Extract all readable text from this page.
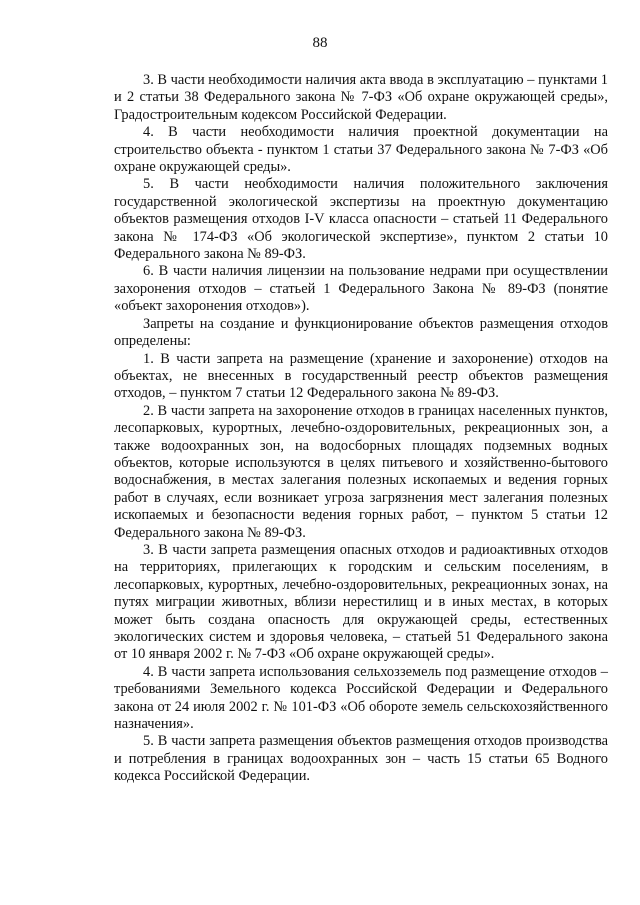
88

3. В части необходимости наличия акта ввода в эксплуатацию – пунктами 1 и 2 статьи 38 Федерального закона № 7-ФЗ «Об охране окружающей среды», Градостроительным кодексом Российской Федерации.

4. В части необходимости наличия проектной документации на строительство объекта - пунктом 1 статьи 37 Федерального закона № 7-ФЗ «Об охране окружающей среды».

5. В части необходимости наличия положительного заключения государственной экологической экспертизы на проектную документацию объектов размещения отходов I-V класса опасности – статьей 11 Федерального закона № 174-ФЗ «Об экологической экспертизе», пунктом 2 статьи 10 Федерального закона № 89-ФЗ.

6. В части наличия лицензии на пользование недрами при осуществлении захоронения отходов – статьей 1 Федерального Закона № 89-ФЗ (понятие «объект захоронения отходов»).

Запреты на создание и функционирование объектов размещения отходов определены:

1. В части запрета на размещение (хранение и захоронение) отходов на объектах, не внесенных в государственный реестр объектов размещения отходов, – пунктом 7 статьи 12 Федерального закона № 89-ФЗ.

2. В части запрета на захоронение отходов в границах населенных пунктов, лесопарковых, курортных, лечебно-оздоровительных, рекреационных зон, а также водоохранных зон, на водосборных площадях подземных водных объектов, которые используются в целях питьевого и хозяйственно-бытового водоснабжения, в местах залегания полезных ископаемых и ведения горных работ в случаях, если возникает угроза загрязнения мест залегания полезных ископаемых и безопасности ведения горных работ, – пунктом 5 статьи 12 Федерального закона № 89-ФЗ.

3. В части запрета размещения опасных отходов и радиоактивных отходов на территориях, прилегающих к городским и сельским поселениям, в лесопарковых, курортных, лечебно-оздоровительных, рекреационных зонах, на путях миграции животных, вблизи нерестилищ и в иных местах, в которых может быть создана опасность для окружающей среды, естественных экологических систем и здоровья человека, – статьей 51 Федерального закона от 10 января 2002 г. № 7-ФЗ «Об охране окружающей среды».

4. В части запрета использования сельхозземель под размещение отходов – требованиями Земельного кодекса Российской Федерации и Федерального закона от 24 июля 2002 г. № 101-ФЗ «Об обороте земель сельскохозяйственного назначения».

5. В части запрета размещения объектов размещения отходов производства и потребления в границах водоохранных зон – часть 15 статьи 65 Водного кодекса Российской Федерации.
